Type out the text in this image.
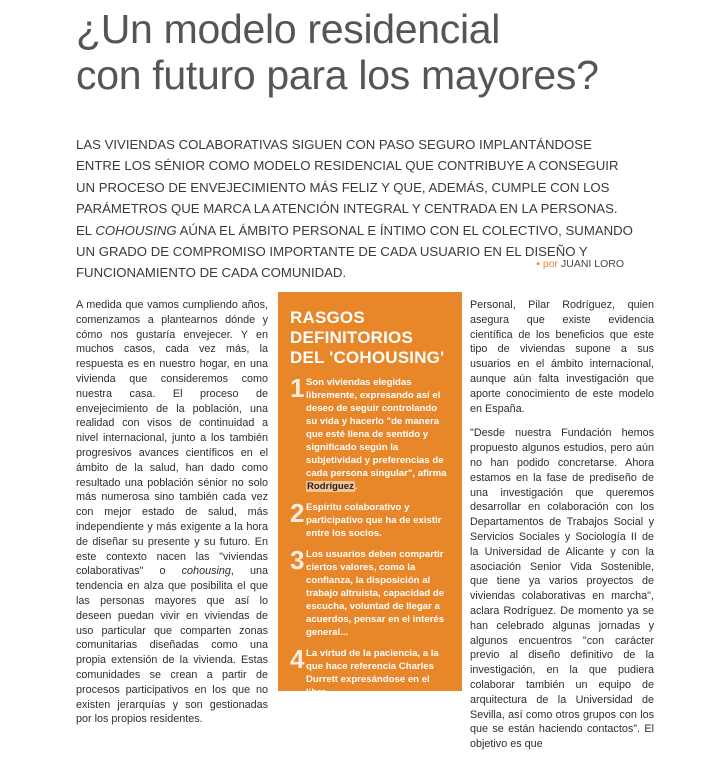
¿Un modelo residencial
con futuro para los mayores?

LAS VIVIENDAS COLABORATIVAS SIGUEN CON PASO SEGURO IMPLANTÁNDOSE ENTRE LOS SÉNIOR COMO MODELO RESIDENCIAL QUE CONTRIBUYE A CONSEGUIR UN PROCESO DE ENVEJECIMIENTO MÁS FELIZ Y QUE, ADEMÁS, CUMPLE CON LOS PARÁMETROS QUE MARCA LA ATENCIÓN INTEGRAL Y CENTRADA EN LA PERSONAS. EL COHOUSING AÚNA EL ÁMBITO PERSONAL E ÍNTIMO CON EL COLECTIVO, SUMANDO UN GRADO DE COMPROMISO IMPORTANTE DE CADA USUARIO EN EL DISEÑO Y FUNCIONAMIENTO DE CADA COMUNIDAD.

• por JUANI LORO

A medida que vamos cumpliendo años, comenzamos a plantearnos dónde y cómo nos gustaría envejecer. Y en muchos casos, cada vez más, la respuesta es en nuestro hogar, en una vivienda que consideremos como nuestra casa. El proceso de envejecimiento de la población, una realidad con visos de continuidad a nivel internacional, junto a los también progresivos avances científicos en el ámbito de la salud, han dado como resultado una población sénior no solo más numerosa sino también cada vez con mejor estado de salud, más independiente y más exigente a la hora de diseñar su presente y su futuro. En este contexto nacen las "viviendas colaborativas" o cohousing, una tendencia en alza que posibilita el que las personas mayores que así lo deseen puedan vivir en viviendas de uso particular que comparten zonas comunitarias diseñadas como una propia extensión de la vivienda. Estas comunidades se crean a partir de procesos participativos en los que no existen jerarquías y son gestionadas por los propios residentes.

RASGOS
DEFINITORIOS
DEL 'COHOUSING'
1 Son viviendas elegidas libremente, expresando así el deseo de seguir controlando su vida y hacerlo "de manera que esté llena de sentido y significado según la subjetividad y preferencias de cada persona singular", afirma Rodríguez.
2 Espíritu colaborativo y participativo que ha de existir entre los socios.
3 Los usuarios deben compartir ciertos valores, como la confianza, la disposición al trabajo altruista, capacidad de escucha, voluntad de llegar a acuerdos, pensar en el interés general...
4 La virtud de la paciencia, a la que hace referencia Charles Durrett expresándose en el libro...

Personal, Pilar Rodríguez, quien asegura que existe evidencia científica de los beneficios que este tipo de viviendas supone a sus usuarios en el ámbito internacional, aunque aún falta investigación que aporte conocimiento de este modelo en España.

"Desde nuestra Fundación hemos propuesto algunos estudios, pero aún no han podido concretarse. Ahora estamos en la fase de prediseño de una investigación que queremos desarrollar en colaboración con los Departamentos de Trabajos Social y Servicios Sociales y Sociología II de la Universidad de Alicante y con la asociación Senior Vida Sostenible, que tiene ya varios proyectos de viviendas colaborativas en marcha", aclara Rodríguez. De momento ya se han celebrado algunas jornadas y algunos encuentros "con carácter previo al diseño definitivo de la investigación, en la que pudiera colaborar también un equipo de arquitectura de la Universidad de Sevilla, así como otros grupos con los que se están haciendo contactos". El objetivo es que
